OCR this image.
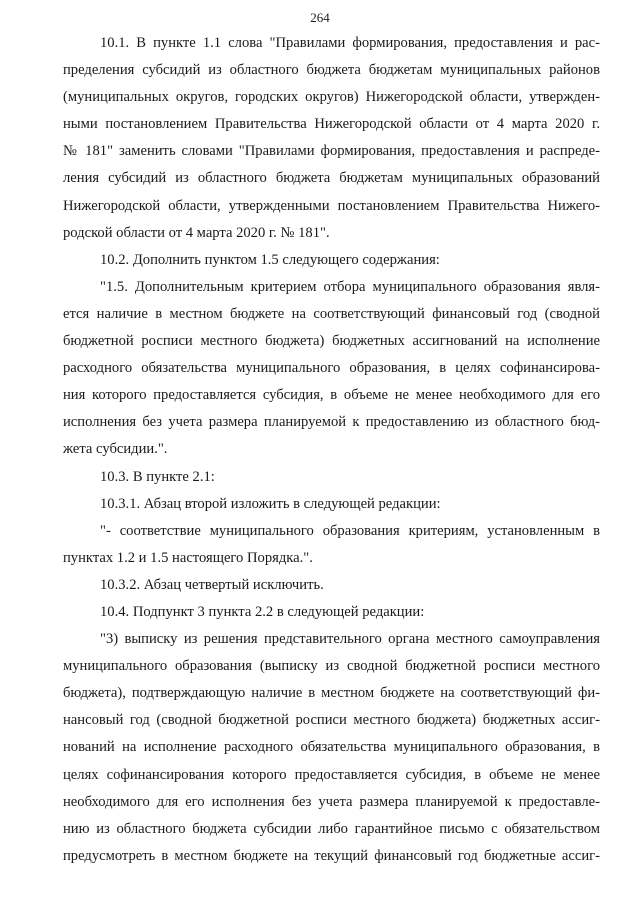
264
10.1. В пункте 1.1 слова "Правилами формирования, предоставления и рас-
пределения субсидий из областного бюджета бюджетам муниципальных районов
(муниципальных округов, городских округов) Нижегородской области, утвержден-
ными постановлением Правительства Нижегородской области от 4 марта 2020 г.
№ 181" заменить словами "Правилами формирования, предоставления и распреде-
ления субсидий из областного бюджета бюджетам муниципальных образований
Нижегородской области, утвержденными постановлением Правительства Нижего-
родской области от 4 марта 2020 г. № 181".
10.2. Дополнить пунктом 1.5 следующего содержания:
"1.5. Дополнительным критерием отбора муниципального образования явля-
ется наличие в местном бюджете на соответствующий финансовый год (сводной
бюджетной росписи местного бюджета) бюджетных ассигнований на исполнение
расходного обязательства муниципального образования, в целях софинансирова-
ния которого предоставляется субсидия, в объеме не менее необходимого для его
исполнения без учета размера планируемой к предоставлению из областного бюд-
жета субсидии.".
10.3. В пункте 2.1:
10.3.1. Абзац второй изложить в следующей редакции:
"- соответствие муниципального образования критериям, установленным в
пунктах 1.2 и 1.5 настоящего Порядка.".
10.3.2. Абзац четвертый исключить.
10.4. Подпункт 3 пункта 2.2 в следующей редакции:
"3) выписку из решения представительного органа местного самоуправления
муниципального образования (выписку из сводной бюджетной росписи местного
бюджета), подтверждающую наличие в местном бюджете на соответствующий фи-
нансовый год (сводной бюджетной росписи местного бюджета) бюджетных ассиг-
нований на исполнение расходного обязательства муниципального образования, в
целях софинансирования которого предоставляется субсидия, в объеме не менее
необходимого для его исполнения без учета размера планируемой к предоставле-
нию из областного бюджета субсидии либо гарантийное письмо с обязательством
предусмотреть в местном бюджете на текущий финансовый год бюджетные ассиг-
